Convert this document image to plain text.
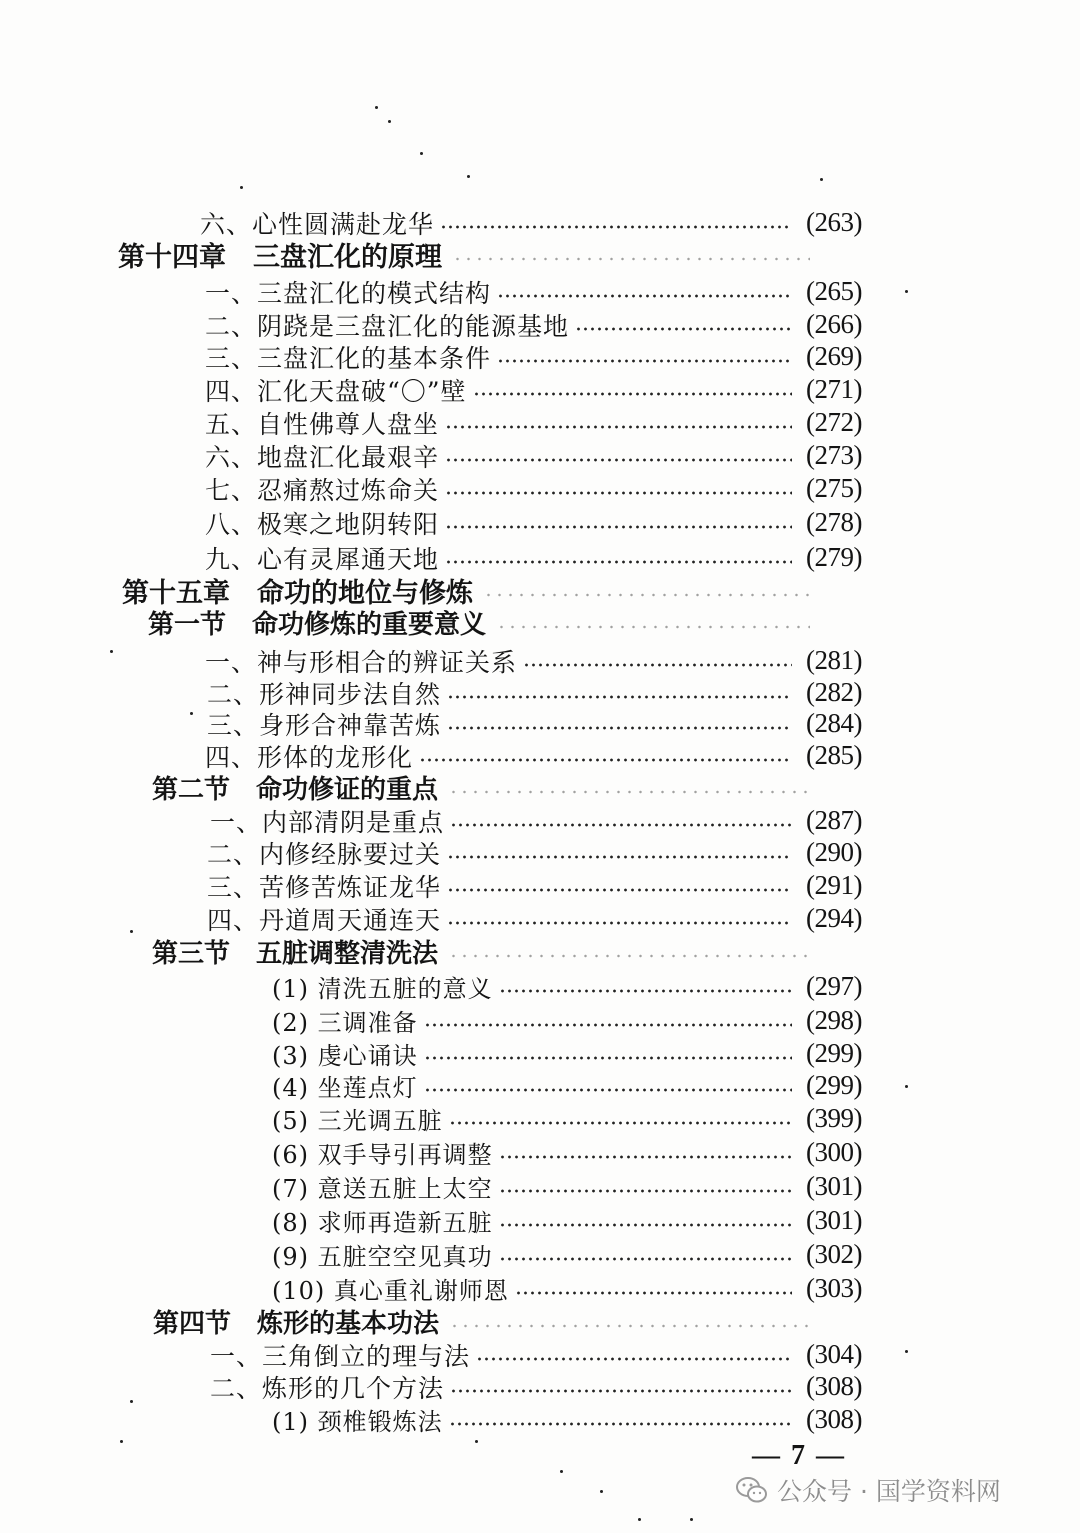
六、心性圆满赴龙华	(263)
第十四章　三盘汇化的原理
一、三盘汇化的模式结构	(265)
二、阴跷是三盘汇化的能源基地	(266)
三、三盘汇化的基本条件	(269)
四、汇化天盘破“〇”壁	(271)
五、自性佛尊人盘坐	(272)
六、地盘汇化最艰辛	(273)
七、忍痛熬过炼命关	(275)
八、极寒之地阴转阳	(278)
九、心有灵犀通天地	(279)
第十五章　命功的地位与修炼
第一节　命功修炼的重要意义
一、神与形相合的辨证关系	(281)
二、形神同步法自然	(282)
三、身形合神靠苦炼	(284)
四、形体的龙形化	(285)
第二节　命功修证的重点
一、内部清阴是重点	(287)
二、内修经脉要过关	(290)
三、苦修苦炼证龙华	(291)
四、丹道周天通连天	(294)
第三节　五脏调整清洗法
(1) 清洗五脏的意义	(297)
(2) 三调准备	(298)
(3) 虔心诵诀	(299)
(4) 坐莲点灯	(299)
(5) 三光调五脏	(399)
(6) 双手导引再调整	(300)
(7) 意送五脏上太空	(301)
(8) 求师再造新五脏	(301)
(9) 五脏空空见真功	(302)
(10) 真心重礼谢师恩	(303)
第四节　炼形的基本功法
一、三角倒立的理与法	(304)
二、炼形的几个方法	(308)
(1) 颈椎锻炼法	(308)
— 7 —
公众号 · 国学资料网
